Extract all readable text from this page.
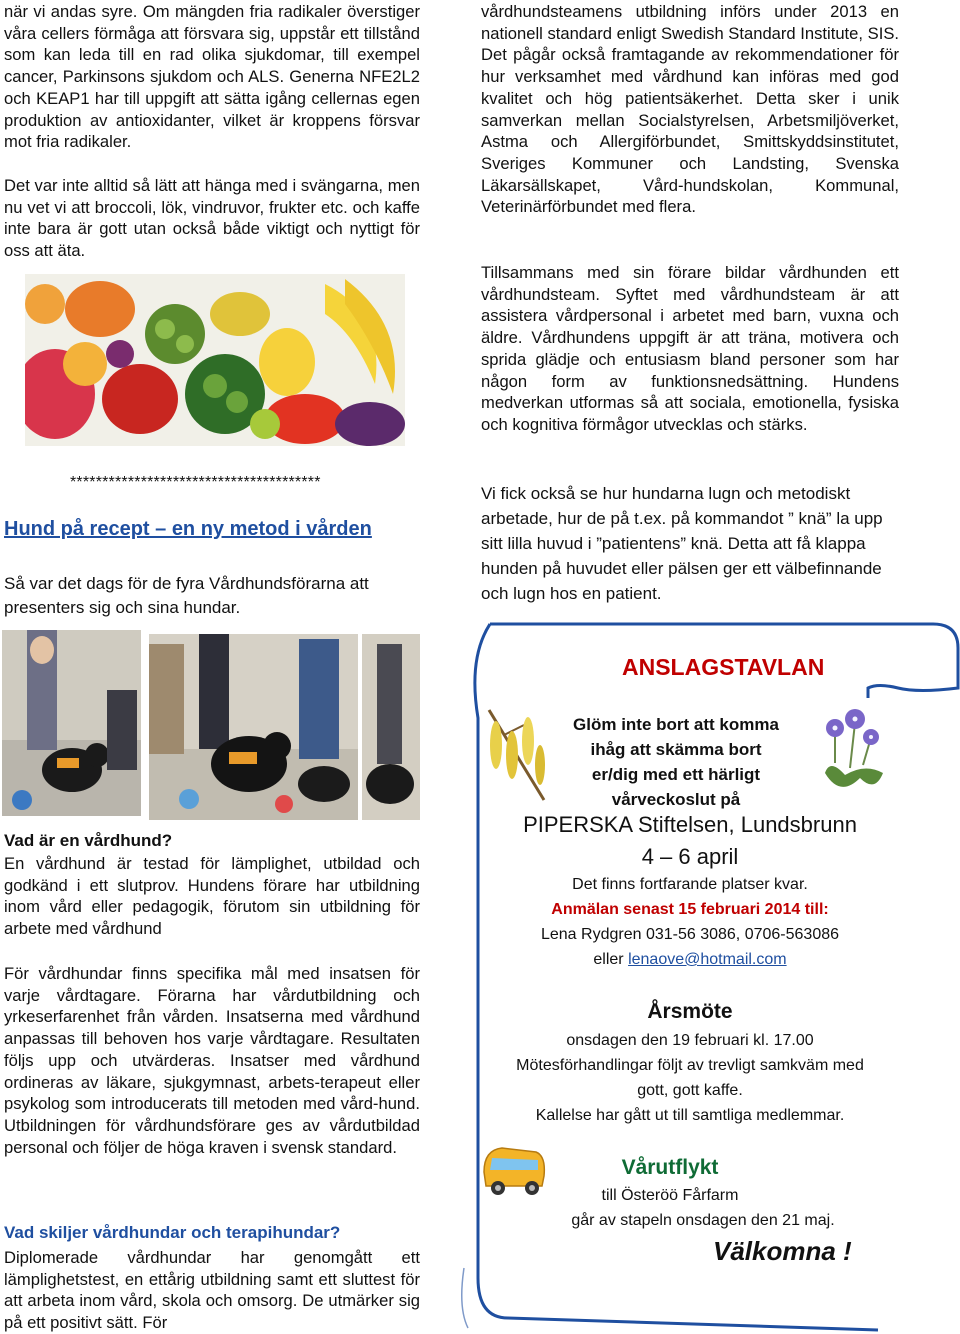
när vi andas syre. Om mängden fria radikaler överstiger våra cellers förmåga att försvara sig, uppstår ett tillstånd som kan leda till en rad olika sjukdomar, till exempel cancer, Parkinsons sjukdom och ALS. Generna NFE2L2 och KEAP1 har till uppgift att sätta igång cellernas egen produktion av antioxidanter, vilket är kroppens försvar mot fria radikaler.

Det var inte alltid så lätt att hänga med i svängarna, men nu vet vi att broccoli, lök, vindruvor, frukter etc. och kaffe inte bara är gott utan också både viktigt och nyttigt för oss att äta.

***************************************
Hund på recept – en ny metod i vården

Så var det dags för de fyra Vårdhundsförarna att presenters sig och sina hundar.

Vad är en vårdhund?

En vårdhund är testad för lämplighet, utbildad och godkänd i ett slutprov. Hundens förare har utbildning inom vård eller pedagogik, förutom sin utbildning för arbete med vårdhund

För vårdhundar finns specifika mål med insatsen för varje vårdtagare. Förarna har vårdutbildning och yrkeserfarenhet från vården. Insatserna med vårdhund anpassas till behoven hos varje vårdtagare. Resultaten följs upp och utvärderas. Insatser med vårdhund ordineras av läkare, sjukgymnast, arbets-terapeut eller psykolog som introducerats till metoden med vård-hund. Utbildningen för vårdhundsförare ges av vårdutbildad personal och följer de höga kraven i svensk standard.

Vad skiljer vårdhundar och terapihundar?

Diplomerade vårdhundar har genomgått ett lämplighetstest, en ettårig utbildning samt ett sluttest för att arbeta inom vård, skola och omsorg. De utmärker sig på ett positivt sätt. För

vårdhundsteamens utbildning införs under 2013 en nationell standard enligt Swedish Standard Institute, SIS. Det pågår också framtagande av rekommendationer för hur verksamhet med vårdhund kan införas med god kvalitet och hög patientsäkerhet. Detta sker i unik samverkan mellan Socialstyrelsen, Arbetsmiljöverket, Astma och Allergiförbundet, Smittskyddsinstitutet, Sveriges Kommuner och Landsting, Svenska Läkarsällskapet, Vård-hundskolan, Kommunal, Veterinärförbundet med flera.

Tillsammans med sin förare bildar vårdhunden ett vårdhundsteam. Syftet med vårdhundsteam är att assistera vårdpersonal i arbetet med barn, vuxna och äldre. Vårdhundens uppgift är att träna, motivera och sprida glädje och entusiasm bland personer som har någon form av funktionsnedsättning. Hundens medverkan utformas så att sociala, emotionella, fysiska och kognitiva förmågor utvecklas och stärks.

Vi fick också se hur hundarna lugn och metodiskt arbetade, hur de på t.ex. på kommandot ” knä” la upp sitt lilla huvud i ”patientens” knä. Detta att få klappa hunden på huvudet eller pälsen ger ett välbefinnande och lugn hos en patient.

ANSLAGSTAVLAN
Glöm inte bort att komma
ihåg att skämma bort
er/dig med ett härligt
vårveckoslut på
PIPERSKA Stiftelsen, Lundsbrunn
4 – 6 april
Det finns fortfarande platser kvar.
Anmälan senast 15 februari 2014 till:
Lena Rydgren 031-56 3086, 0706-563086
eller lenaove@hotmail.com
Årsmöte
onsdagen den 19 februari kl. 17.00
Mötesförhandlingar följt av trevligt samkväm med
gott, gott kaffe.
Kallelse har gått ut till samtliga medlemmar.
Vårutflykt
till Österöö Fårfarm
går av stapeln onsdagen den 21 maj.
Välkomna !
